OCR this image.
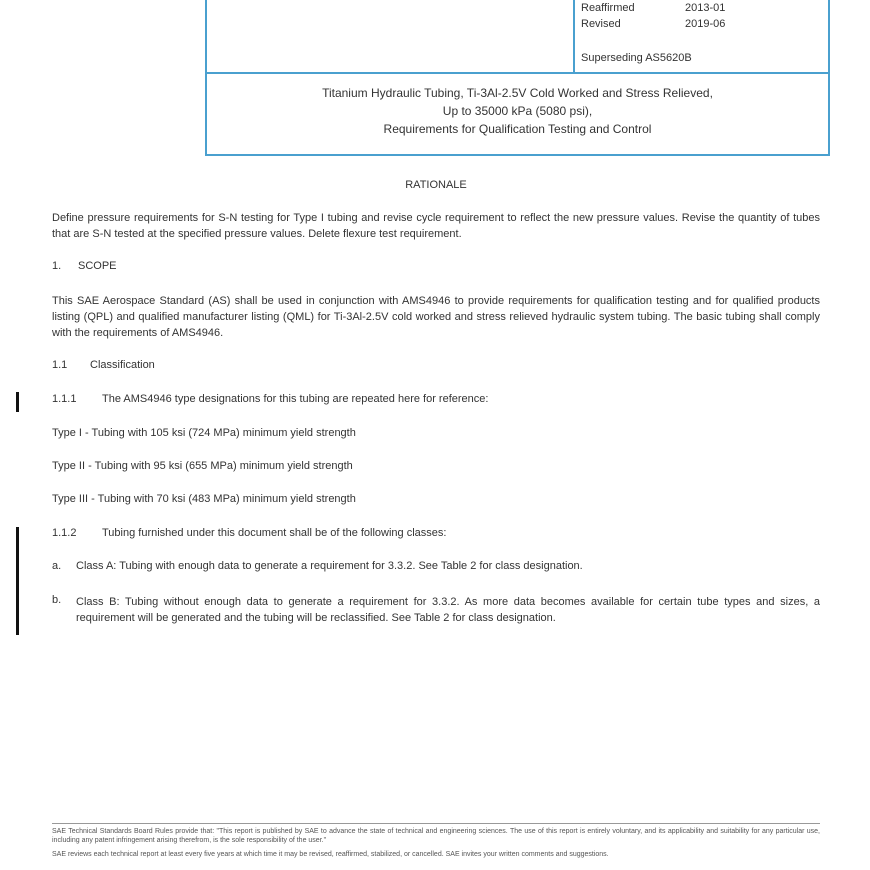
Reaffirmed	2013-01
Revised	2019-06
Superseding AS5620B
Titanium Hydraulic Tubing, Ti-3Al-2.5V Cold Worked and Stress Relieved,
Up to 35000 kPa (5080 psi),
Requirements for Qualification Testing and Control
RATIONALE
Define pressure requirements for S-N testing for Type I tubing and revise cycle requirement to reflect the new pressure values. Revise the quantity of tubes that are S-N tested at the specified pressure values. Delete flexure test requirement.
1. SCOPE
This SAE Aerospace Standard (AS) shall be used in conjunction with AMS4946 to provide requirements for qualification testing and for qualified products listing (QPL) and qualified manufacturer listing (QML) for Ti-3Al-2.5V cold worked and stress relieved hydraulic system tubing. The basic tubing shall comply with the requirements of AMS4946.
1.1 Classification
1.1.1 The AMS4946 type designations for this tubing are repeated here for reference:
Type I - Tubing with 105 ksi (724 MPa) minimum yield strength
Type II - Tubing with 95 ksi (655 MPa) minimum yield strength
Type III - Tubing with 70 ksi (483 MPa) minimum yield strength
1.1.2 Tubing furnished under this document shall be of the following classes:
a. Class A: Tubing with enough data to generate a requirement for 3.3.2. See Table 2 for class designation.
b. Class B: Tubing without enough data to generate a requirement for 3.3.2. As more data becomes available for certain tube types and sizes, a requirement will be generated and the tubing will be reclassified. See Table 2 for class designation.
SAE Technical Standards Board Rules provide that: "This report is published by SAE to advance the state of technical and engineering sciences. The use of this report is entirely voluntary, and its applicability and suitability for any particular use, including any patent infringement arising therefrom, is the sole responsibility of the user."
SAE reviews each technical report at least every five years at which time it may be revised, reaffirmed, stabilized, or cancelled. SAE invites your written comments and suggestions.
